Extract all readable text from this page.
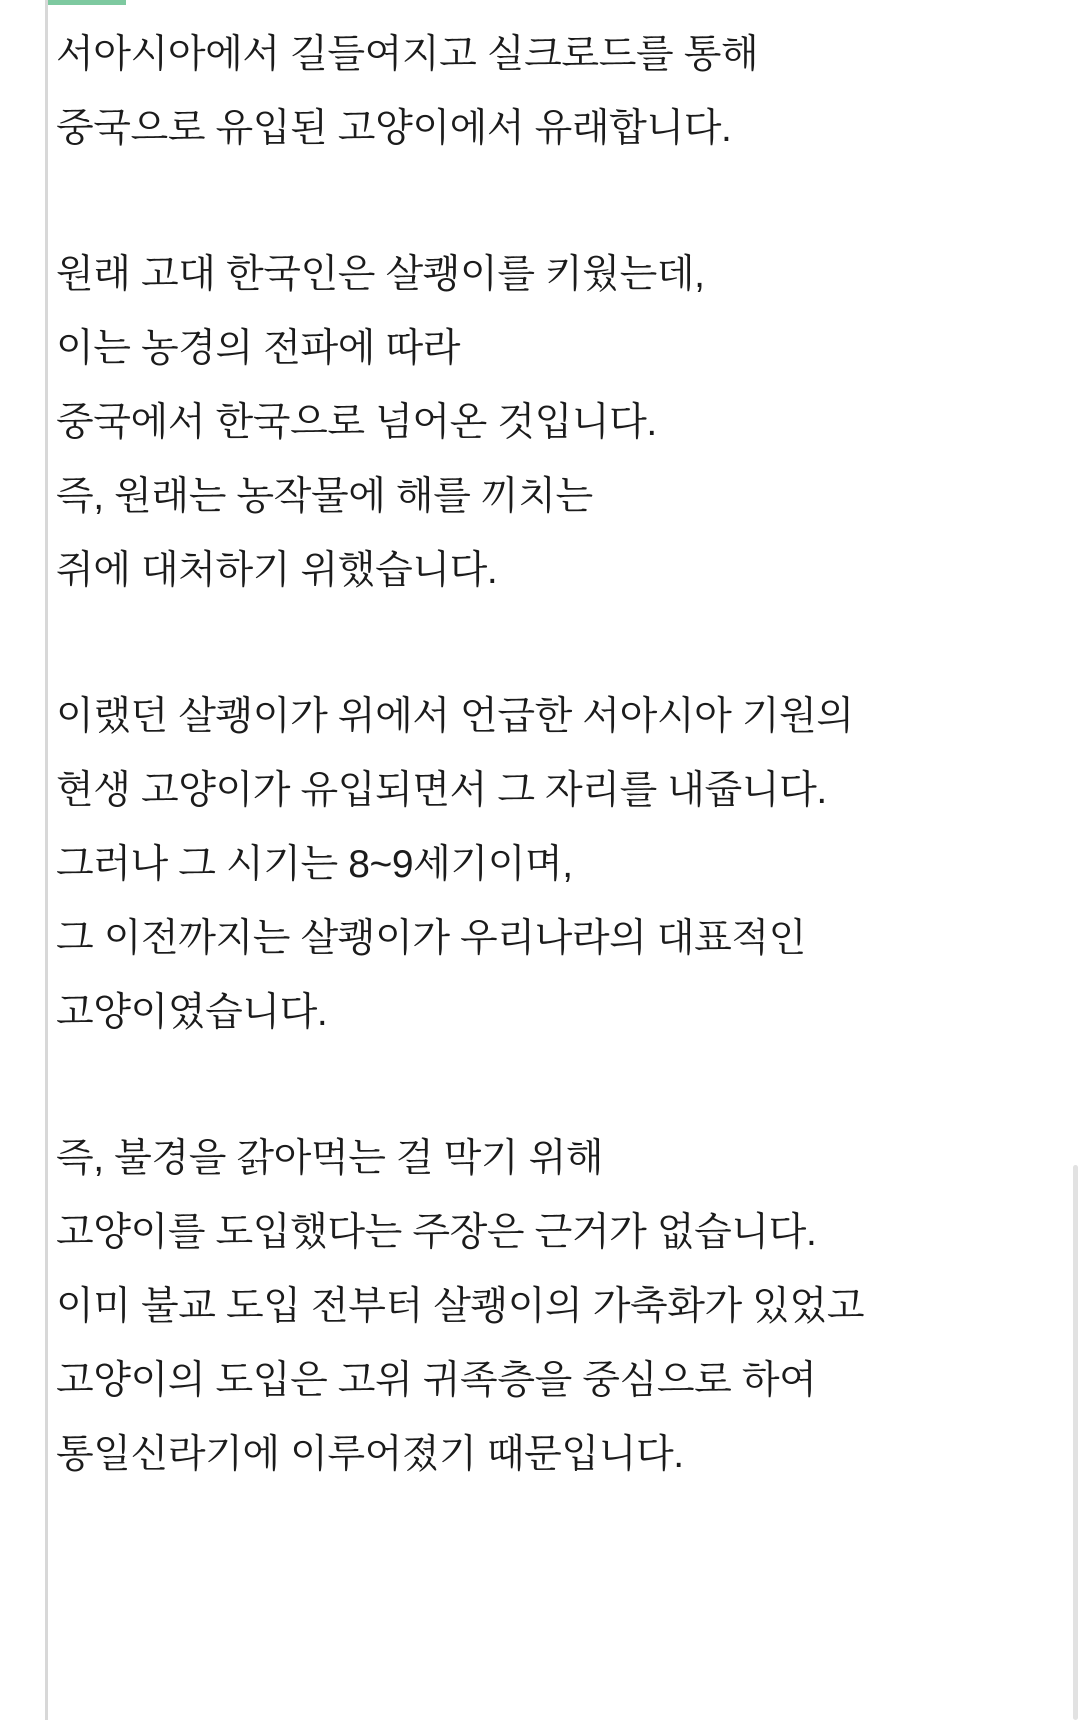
서아시아에서 길들여지고 실크로드를 통해
중국으로 유입된 고양이에서 유래합니다.
원래 고대 한국인은 살쾡이를 키웠는데,
이는 농경의 전파에 따라
중국에서 한국으로 넘어온 것입니다.
즉, 원래는 농작물에 해를 끼치는
쥐에 대처하기 위했습니다.
이랬던 살쾡이가 위에서 언급한 서아시아 기원의
현생 고양이가 유입되면서 그 자리를 내줍니다.
그러나 그 시기는 8~9세기이며,
그 이전까지는 살쾡이가 우리나라의 대표적인
고양이였습니다.
즉, 불경을 갉아먹는 걸 막기 위해
고양이를 도입했다는 주장은 근거가 없습니다.
이미 불교 도입 전부터 살쾡이의 가축화가 있었고
고양이의 도입은 고위 귀족층을 중심으로 하여
통일신라기에 이루어졌기 때문입니다.
